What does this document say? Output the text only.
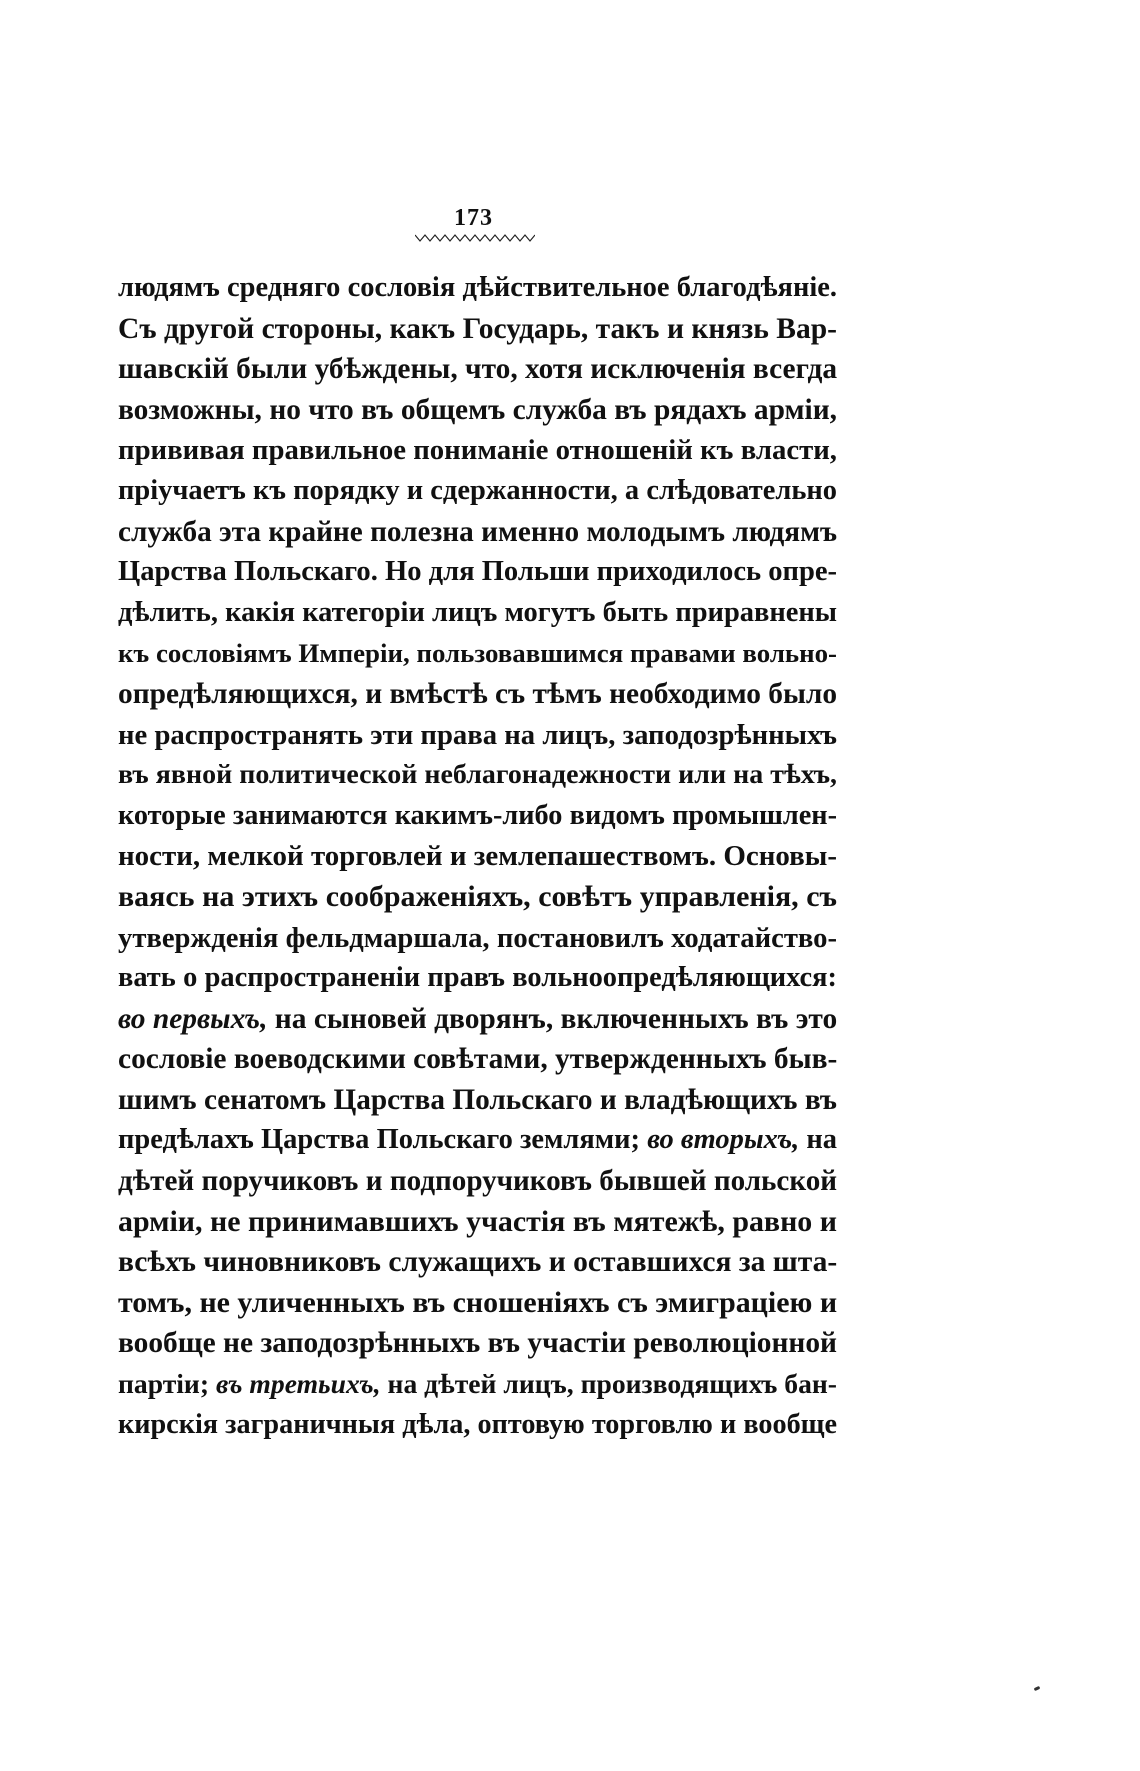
173
людямъ средняго сословія дѣйствительное благодѣяніе.
Съ другой стороны, какъ Государь, такъ и князь Вар-
шавскій были убѣждены, что, хотя исключенія всегда
возможны, но что въ общемъ служба въ рядахъ арміи,
прививая правильное пониманіе отношеній къ власти,
пріучаетъ къ порядку и сдержанности, а слѣдовательно
служба эта крайне полезна именно молодымъ людямъ
Царства Польскаго. Но для Польши приходилось опре-
дѣлить, какія категоріи лицъ могутъ быть приравнены
къ сословіямъ Имперіи, пользовавшимся правами вольно-
опредѣляющихся, и вмѣстѣ съ тѣмъ необходимо было
не распространять эти права на лицъ, заподозрѣнныхъ
въ явной политической неблагонадежности или на тѣхъ,
которые занимаются какимъ-либо видомъ промышлен-
ности, мелкой торговлей и землепашествомъ. Основы-
ваясь на этихъ соображеніяхъ, совѣтъ управленія, съ
утвержденія фельдмаршала, постановилъ ходатайство-
вать о распространеніи правъ вольноопредѣляющихся:
во первыхъ, на сыновей дворянъ, включенныхъ въ это
сословіе воеводскими совѣтами, утвержденныхъ быв-
шимъ сенатомъ Царства Польскаго и владѣющихъ въ
предѣлахъ Царства Польскаго землями; во вторыхъ, на
дѣтей поручиковъ и подпоручиковъ бывшей польской
арміи, не принимавшихъ участія въ мятежѣ, равно и
всѣхъ чиновниковъ служащихъ и оставшихся за шта-
томъ, не уличенныхъ въ сношеніяхъ съ эмиграціею и
вообще не заподозрѣнныхъ въ участіи революціонной
партіи; въ третьихъ, на дѣтей лицъ, производящихъ бан-
кирскія заграничныя дѣла, оптовую торговлю и вообще
